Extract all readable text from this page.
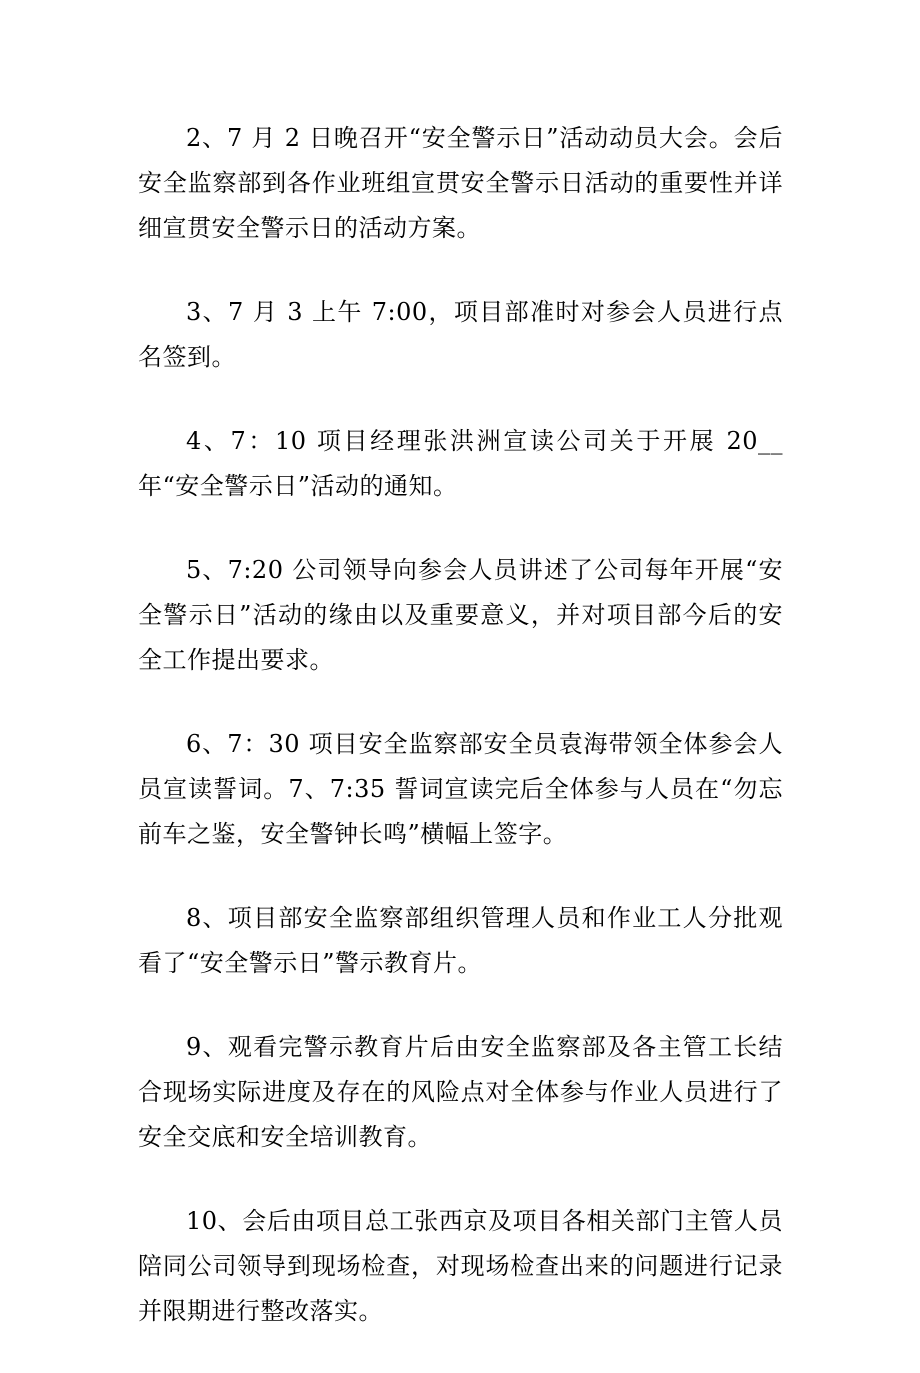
2、7 月 2 日晚召开“安全警示日”活动动员大会。会后安全监察部到各作业班组宣贯安全警示日活动的重要性并详细宣贯安全警示日的活动方案。

3、7 月 3 上午 7:00，项目部准时对参会人员进行点名签到。

4、7：10 项目经理张洪洲宣读公司关于开展 20__年“安全警示日”活动的通知。

5、7:20 公司领导向参会人员讲述了公司每年开展“安全警示日”活动的缘由以及重要意义，并对项目部今后的安全工作提出要求。

6、7：30 项目安全监察部安全员袁海带领全体参会人员宣读誓词。7、7:35 誓词宣读完后全体参与人员在“勿忘前车之鉴，安全警钟长鸣”横幅上签字。

8、项目部安全监察部组织管理人员和作业工人分批观看了“安全警示日”警示教育片。

9、观看完警示教育片后由安全监察部及各主管工长结合现场实际进度及存在的风险点对全体参与作业人员进行了安全交底和安全培训教育。

10、会后由项目总工张西京及项目各相关部门主管人员陪同公司领导到现场检查，对现场检查出来的问题进行记录并限期进行整改落实。
